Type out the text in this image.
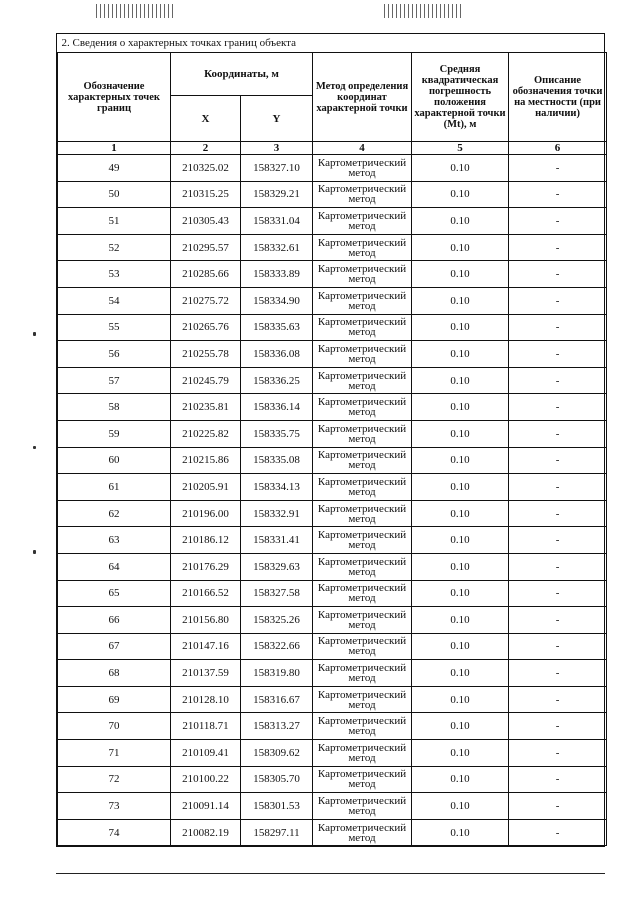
2. Сведения о характерных точках границ объекта					
Обозначение характерных точек границ	Координаты, м		Метод определения координат характерной точки	Средняя квадратическая погрешность положения характерной точки (Mt), м	Описание обозначения точки на местности (при наличии)
	X	Y			
1	2	3	4	5	6
49	210325.02	158327.10	Картометрический метод	0.10	-
50	210315.25	158329.21	Картометрический метод	0.10	-
51	210305.43	158331.04	Картометрический метод	0.10	-
52	210295.57	158332.61	Картометрический метод	0.10	-
53	210285.66	158333.89	Картометрический метод	0.10	-
54	210275.72	158334.90	Картометрический метод	0.10	-
55	210265.76	158335.63	Картометрический метод	0.10	-
56	210255.78	158336.08	Картометрический метод	0.10	-
57	210245.79	158336.25	Картометрический метод	0.10	-
58	210235.81	158336.14	Картометрический метод	0.10	-
59	210225.82	158335.75	Картометрический метод	0.10	-
60	210215.86	158335.08	Картометрический метод	0.10	-
61	210205.91	158334.13	Картометрический метод	0.10	-
62	210196.00	158332.91	Картометрический метод	0.10	-
63	210186.12	158331.41	Картометрический метод	0.10	-
64	210176.29	158329.63	Картометрический метод	0.10	-
65	210166.52	158327.58	Картометрический метод	0.10	-
66	210156.80	158325.26	Картометрический метод	0.10	-
67	210147.16	158322.66	Картометрический метод	0.10	-
68	210137.59	158319.80	Картометрический метод	0.10	-
69	210128.10	158316.67	Картометрический метод	0.10	-
70	210118.71	158313.27	Картометрический метод	0.10	-
71	210109.41	158309.62	Картометрический метод	0.10	-
72	210100.22	158305.70	Картометрический метод	0.10	-
73	210091.14	158301.53	Картометрический метод	0.10	-
74	210082.19	158297.11	Картометрический метод	0.10	-
